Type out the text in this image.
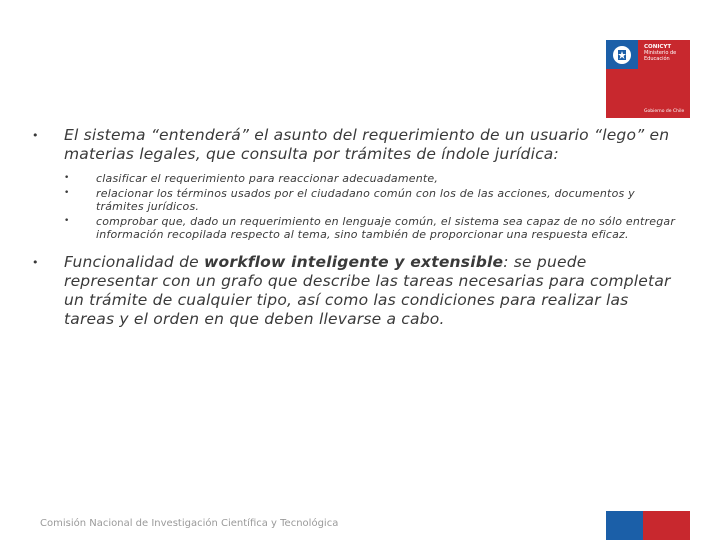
CONICYT
Ministerio de Educación
Gobierno de Chile
• El sistema “entenderá” el asunto del requerimiento de un usuario “lego” en materias legales, que consulta por trámites de índole jurídica:
• clasificar el requerimiento para reaccionar adecuadamente,
• relacionar los términos usados por el ciudadano común con los de las acciones, documentos y trámites jurídicos.
• comprobar que, dado un requerimiento en lenguaje común, el sistema sea capaz de no sólo entregar información recopilada respecto al tema, sino también de proporcionar una respuesta eficaz.
• Funcionalidad de workflow inteligente y extensible: se puede representar con un grafo que describe las tareas necesarias para completar un trámite de cualquier tipo, así como las condiciones para realizar las tareas y el orden en que deben llevarse a cabo.
Comisión Nacional de Investigación Científica y Tecnológica
